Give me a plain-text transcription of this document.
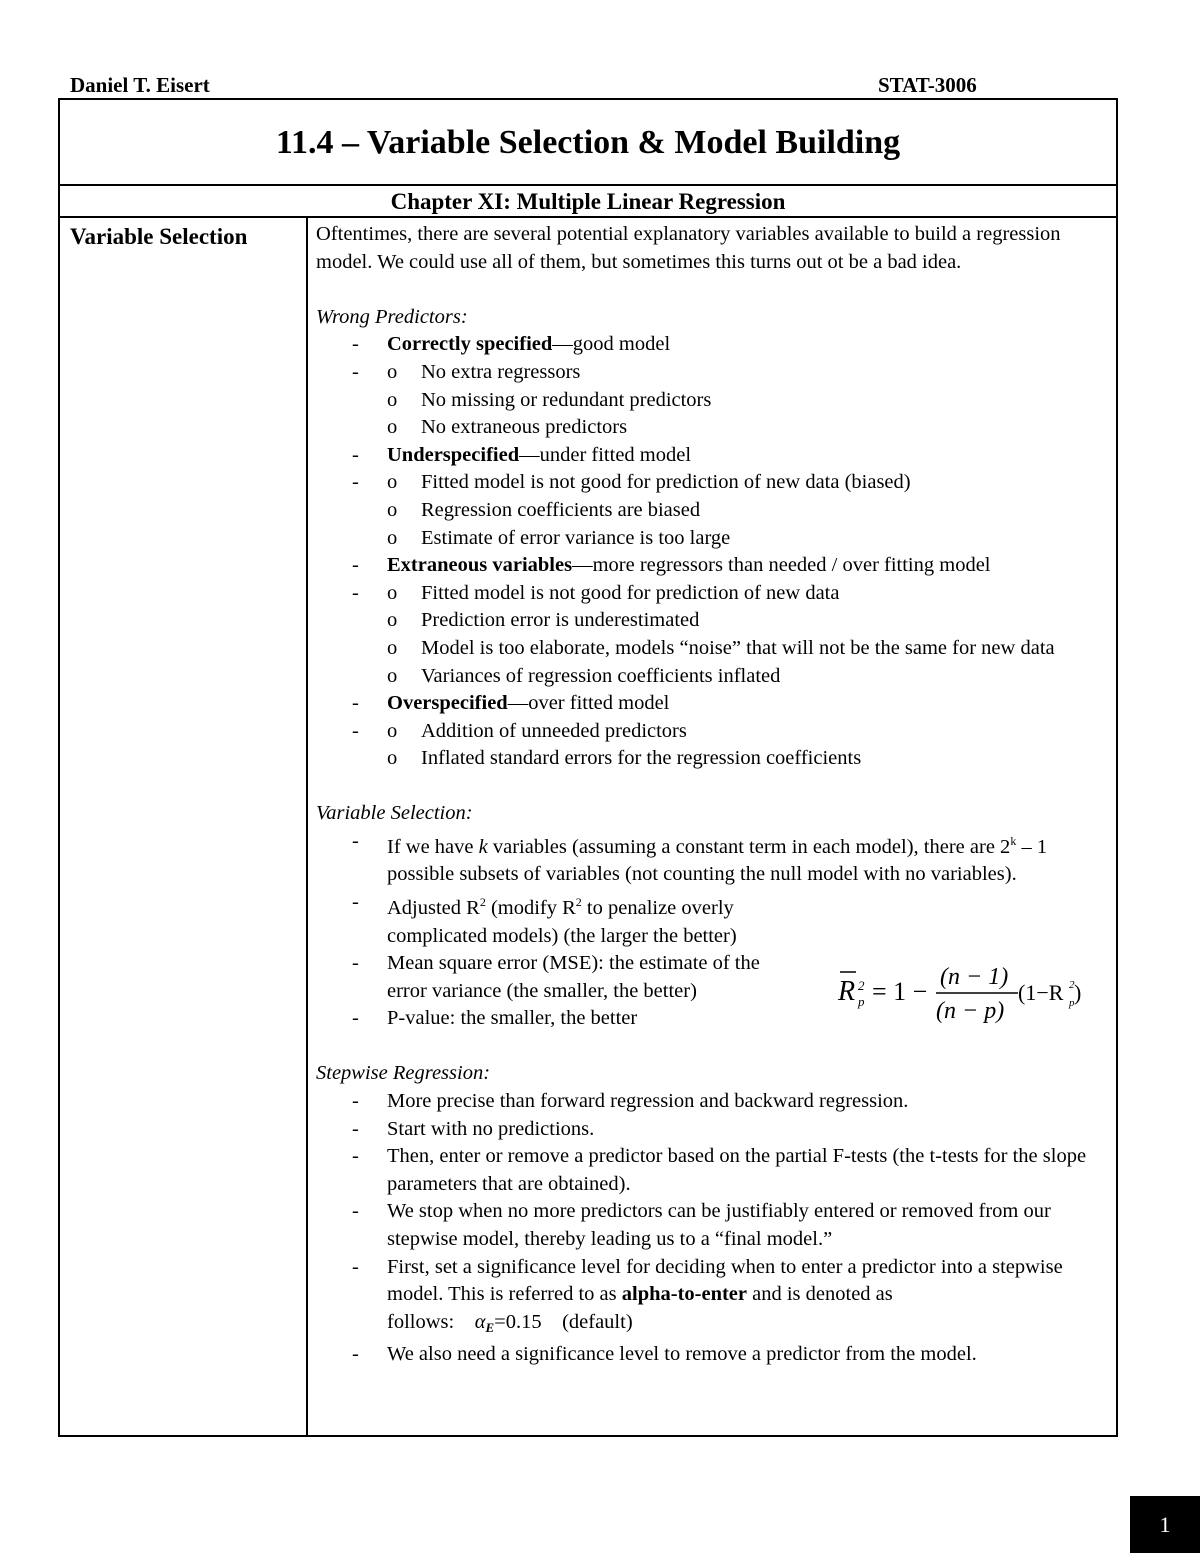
Daniel T. Eisert	STAT-3006
11.4 – Variable Selection & Model Building
Chapter XI: Multiple Linear Regression
Variable Selection	Oftentimes, there are several potential explanatory variables available to build a regression model. We could use all of them, but sometimes this turns out ot be a bad idea.

Wrong Predictors:

- Correctly specified—good model
o - No extra regressors
o No missing or redundant predictors
o No extraneous predictors
- Underspecified—under fitted model
o - Fitted model is not good for prediction of new data (biased)
o Regression coefficients are biased
o Estimate of error variance is too large
- Extraneous variables—more regressors than needed / over fitting model
o - Fitted model is not good for prediction of new data
o Prediction error is underestimated
o Model is too elaborate, models “noise” that will not be the same for new data
o Variances of regression coefficients inflated
- Overspecified—over fitted model
o - Addition of unneeded predictors
o Inflated standard errors for the regression coefficients

Variable Selection:

- If we have k variables (assuming a constant term in each model), there are 2$^k$ – 1 possible subsets of variables (not counting the null model with no variables).
- Adjusted $R^2$ (modify $R^2$ to penalize overly complicated models) (the larger the better)
- Mean square error (MSE): the estimate of the error variance (the smaller, the better)
- P-value: the smaller, the better

Stepwise Regression:

- More precise than forward regression and backward regression.
- Start with no predictions.
- Then, enter or remove a predictor based on the partial F-tests (the t-tests for the slope parameters that are obtained).
- We stop when no more predictors can be justifiably entered or removed from our stepwise model, thereby leading us to a “final model.”
- First, set a significance level for deciding when to enter a predictor into a stepwise model. This is referred to as alpha-to-enter and is denoted as follows: αE=0.15 (default)
- We also need a significance level to remove a predictor from the model.
R 2
p = 1 − (n − 1)
(n − p)
(1−R 2
p )
1
